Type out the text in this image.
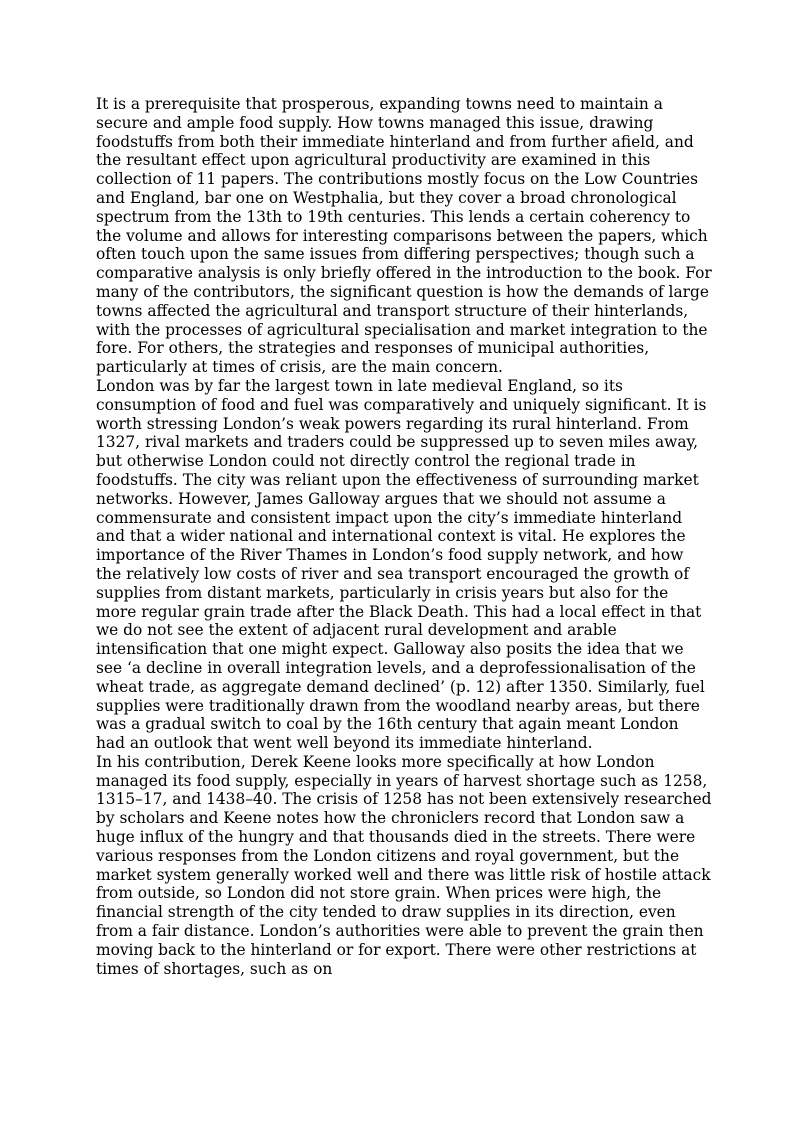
It is a prerequisite that prosperous, expanding towns need to maintain a secure and ample food supply. How towns managed this issue, drawing foodstuffs from both their immediate hinterland and from further afield, and the resultant effect upon agricultural productivity are examined in this collection of 11 papers. The contributions mostly focus on the Low Countries and England, bar one on Westphalia, but they cover a broad chronological spectrum from the 13th to 19th centuries. This lends a certain coherency to the volume and allows for interesting comparisons between the papers, which often touch upon the same issues from differing perspectives; though such a comparative analysis is only briefly offered in the introduction to the book. For many of the contributors, the significant question is how the demands of large towns affected the agricultural and transport structure of their hinterlands, with the processes of agricultural specialisation and market integration to the fore. For others, the strategies and responses of municipal authorities, particularly at times of crisis, are the main concern.

London was by far the largest town in late medieval England, so its consumption of food and fuel was comparatively and uniquely significant. It is worth stressing London’s weak powers regarding its rural hinterland. From 1327, rival markets and traders could be suppressed up to seven miles away, but otherwise London could not directly control the regional trade in foodstuffs. The city was reliant upon the effectiveness of surrounding market networks. However, James Galloway argues that we should not assume a commensurate and consistent impact upon the city’s immediate hinterland and that a wider national and international context is vital. He explores the importance of the River Thames in London’s food supply network, and how the relatively low costs of river and sea transport encouraged the growth of supplies from distant markets, particularly in crisis years but also for the more regular grain trade after the Black Death. This had a local effect in that we do not see the extent of adjacent rural development and arable intensification that one might expect. Galloway also posits the idea that we see ‘a decline in overall integration levels, and a deprofessionalisation of the wheat trade, as aggregate demand declined’ (p. 12) after 1350. Similarly, fuel supplies were traditionally drawn from the woodland nearby areas, but there was a gradual switch to coal by the 16th century that again meant London had an outlook that went well beyond its immediate hinterland.

In his contribution, Derek Keene looks more specifically at how London managed its food supply, especially in years of harvest shortage such as 1258, 1315–17, and 1438–40. The crisis of 1258 has not been extensively researched by scholars and Keene notes how the chroniclers record that London saw a huge influx of the hungry and that thousands died in the streets. There were various responses from the London citizens and royal government, but the market system generally worked well and there was little risk of hostile attack from outside, so London did not store grain. When prices were high, the financial strength of the city tended to draw supplies in its direction, even from a fair distance. London’s authorities were able to prevent the grain then moving back to the hinterland or for export. There were other restrictions at times of shortages, such as on
